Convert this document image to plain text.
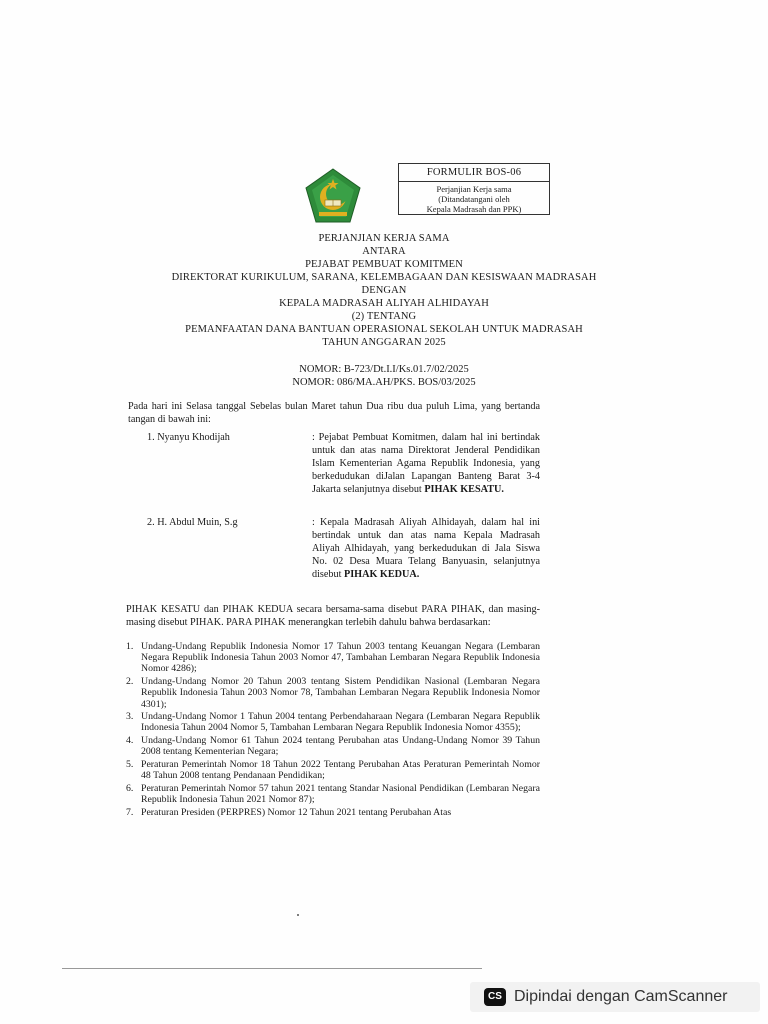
FORMULIR BOS-06
Perjanjian Kerja sama
(Ditandatangani oleh
Kepala Madrasah dan PPK)
PERJANJIAN KERJA SAMA
ANTARA
PEJABAT PEMBUAT KOMITMEN
DIREKTORAT KURIKULUM, SARANA, KELEMBAGAAN DAN KESISWAAN MADRASAH
DENGAN
KEPALA MADRASAH ALIYAH ALHIDAYAH
(2) TENTANG
PEMANFAATAN DANA BANTUAN OPERASIONAL SEKOLAH UNTUK MADRASAH
TAHUN ANGGARAN 2025
NOMOR: B-723/Dt.I.I/Ks.01.7/02/2025
NOMOR: 086/MA.AH/PKS. BOS/03/2025
Pada hari ini Selasa tanggal Sebelas bulan Maret tahun Dua ribu dua puluh Lima, yang bertanda tangan di bawah ini:
1. Nyanyu Khodijah	: Pejabat Pembuat Komitmen, dalam hal ini bertindak untuk dan atas nama Direktorat Jenderal Pendidikan Islam Kementerian Agama Republik Indonesia, yang berkedudukan diJalan Lapangan Banteng Barat 3-4 Jakarta selanjutnya disebut PIHAK KESATU.
2. H. Abdul Muin, S.g	: Kepala Madrasah Aliyah Alhidayah, dalam hal ini bertindak untuk dan atas nama Kepala Madrasah Aliyah Alhidayah, yang berkedudukan di Jala Siswa No. 02 Desa Muara Telang Banyuasin, selanjutnya disebut PIHAK KEDUA.
PIHAK KESATU dan PIHAK KEDUA secara bersama-sama disebut PARA PIHAK, dan masing-masing disebut PIHAK. PARA PIHAK menerangkan terlebih dahulu bahwa berdasarkan:
1. Undang-Undang Republik Indonesia Nomor 17 Tahun 2003 tentang Keuangan Negara (Lembaran Negara Republik Indonesia Tahun 2003 Nomor 47, Tambahan Lembaran Negara Republik Indonesia Nomor 4286);
2. Undang-Undang Nomor 20 Tahun 2003 tentang Sistem Pendidikan Nasional (Lembaran Negara Republik Indonesia Tahun 2003 Nomor 78, Tambahan Lembaran Negara Republik Indonesia Nomor 4301);
3. Undang-Undang Nomor 1 Tahun 2004 tentang Perbendaharaan Negara (Lembaran Negara Republik Indonesia Tahun 2004 Nomor 5, Tambahan Lembaran Negara Republik Indonesia Nomor 4355);
4. Undang-Undang Nomor 61 Tahun 2024 tentang Perubahan atas Undang-Undang Nomor 39 Tahun 2008 tentang Kementerian Negara;
5. Peraturan Pemerintah Nomor 18 Tahun 2022 Tentang Perubahan Atas Peraturan Pemerintah Nomor 48 Tahun 2008 tentang Pendanaan Pendidikan;
6. Peraturan Pemerintah Nomor 57 tahun 2021 tentang Standar Nasional Pendidikan (Lembaran Negara Republik Indonesia Tahun 2021 Nomor 87);
7. Peraturan Presiden (PERPRES) Nomor 12 Tahun 2021 tentang Perubahan Atas
CS Dipindai dengan CamScanner
